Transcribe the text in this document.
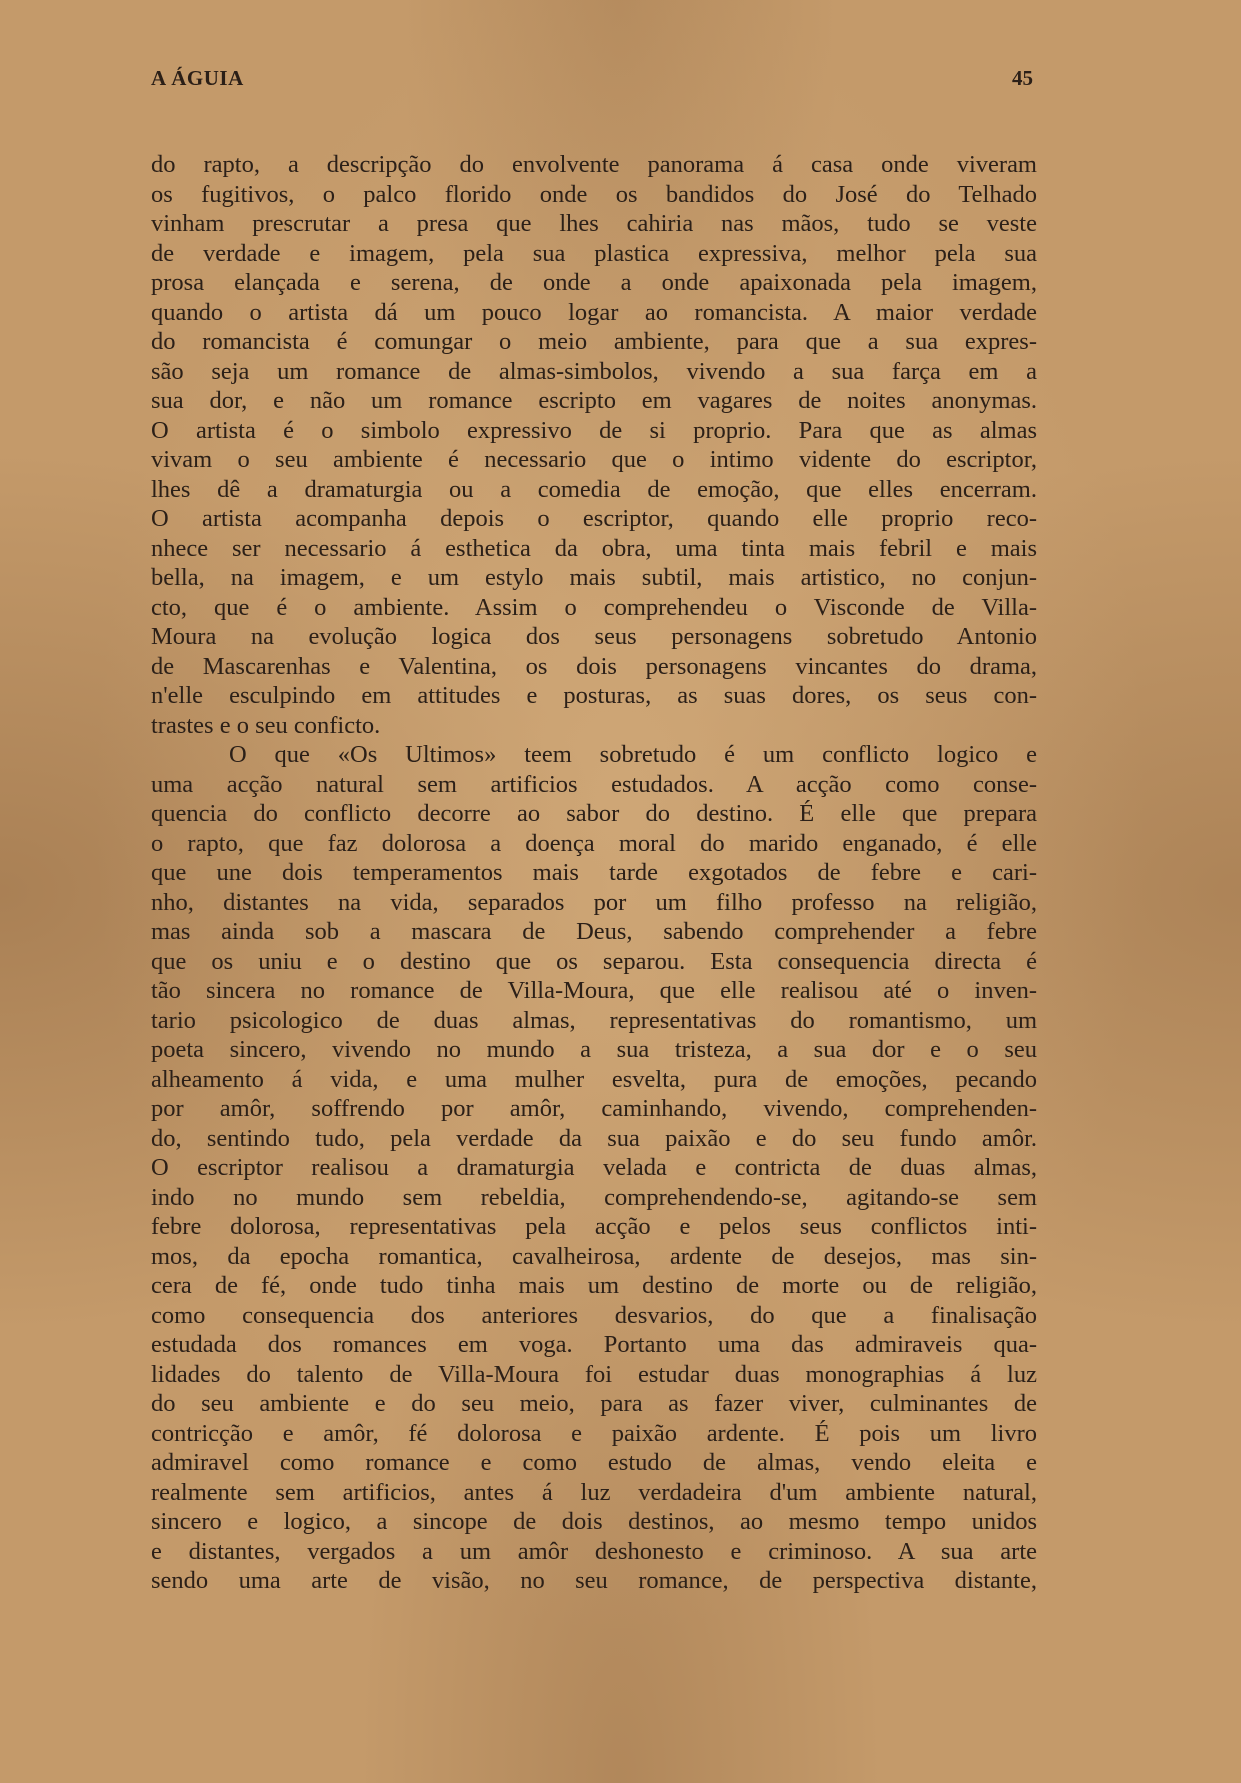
A ÁGUIA	45
do rapto, a descripção do envolvente panorama á casa onde viveram
os fugitivos, o palco florido onde os bandidos do José do Telhado
vinham prescrutar a presa que lhes cahiria nas mãos, tudo se veste
de verdade e imagem, pela sua plastica expressiva, melhor pela sua
prosa elançada e serena, de onde a onde apaixonada pela imagem,
quando o artista dá um pouco logar ao romancista. A maior verdade
do romancista é comungar o meio ambiente, para que a sua expres-
são seja um romance de almas-simbolos, vivendo a sua farça em a
sua dor, e não um romance escripto em vagares de noites anonymas.
O artista é o simbolo expressivo de si proprio. Para que as almas
vivam o seu ambiente é necessario que o intimo vidente do escriptor,
lhes dê a dramaturgia ou a comedia de emoção, que elles encerram.
O artista acompanha depois o escriptor, quando elle proprio reco-
nhece ser necessario á esthetica da obra, uma tinta mais febril e mais
bella, na imagem, e um estylo mais subtil, mais artistico, no conjun-
cto, que é o ambiente. Assim o comprehendeu o Visconde de Villa-
Moura na evolução logica dos seus personagens sobretudo Antonio
de Mascarenhas e Valentina, os dois personagens vincantes do drama,
n'elle esculpindo em attitudes e posturas, as suas dores, os seus con-
trastes e o seu conficto.
O que «Os Ultimos» teem sobretudo é um conflicto logico e
uma acção natural sem artificios estudados. A acção como conse-
quencia do conflicto decorre ao sabor do destino. É elle que prepara
o rapto, que faz dolorosa a doença moral do marido enganado, é elle
que une dois temperamentos mais tarde exgotados de febre e cari-
nho, distantes na vida, separados por um filho professo na religião,
mas ainda sob a mascara de Deus, sabendo comprehender a febre
que os uniu e o destino que os separou. Esta consequencia directa é
tão sincera no romance de Villa-Moura, que elle realisou até o inven-
tario psicologico de duas almas, representativas do romantismo, um
poeta sincero, vivendo no mundo a sua tristeza, a sua dor e o seu
alheamento á vida, e uma mulher esvelta, pura de emoções, pecando
por amôr, soffrendo por amôr, caminhando, vivendo, comprehenden-
do, sentindo tudo, pela verdade da sua paixão e do seu fundo amôr.
O escriptor realisou a dramaturgia velada e contricta de duas almas,
indo no mundo sem rebeldia, comprehendendo-se, agitando-se sem
febre dolorosa, representativas pela acção e pelos seus conflictos inti-
mos, da epocha romantica, cavalheirosa, ardente de desejos, mas sin-
cera de fé, onde tudo tinha mais um destino de morte ou de religião,
como consequencia dos anteriores desvarios, do que a finalisação
estudada dos romances em voga. Portanto uma das admiraveis qua-
lidades do talento de Villa-Moura foi estudar duas monographias á luz
do seu ambiente e do seu meio, para as fazer viver, culminantes de
contricção e amôr, fé dolorosa e paixão ardente. É pois um livro
admiravel como romance e como estudo de almas, vendo eleita e
realmente sem artificios, antes á luz verdadeira d'um ambiente natural,
sincero e logico, a sincope de dois destinos, ao mesmo tempo unidos
e distantes, vergados a um amôr deshonesto e criminoso. A sua arte
sendo uma arte de visão, no seu romance, de perspectiva distante,
